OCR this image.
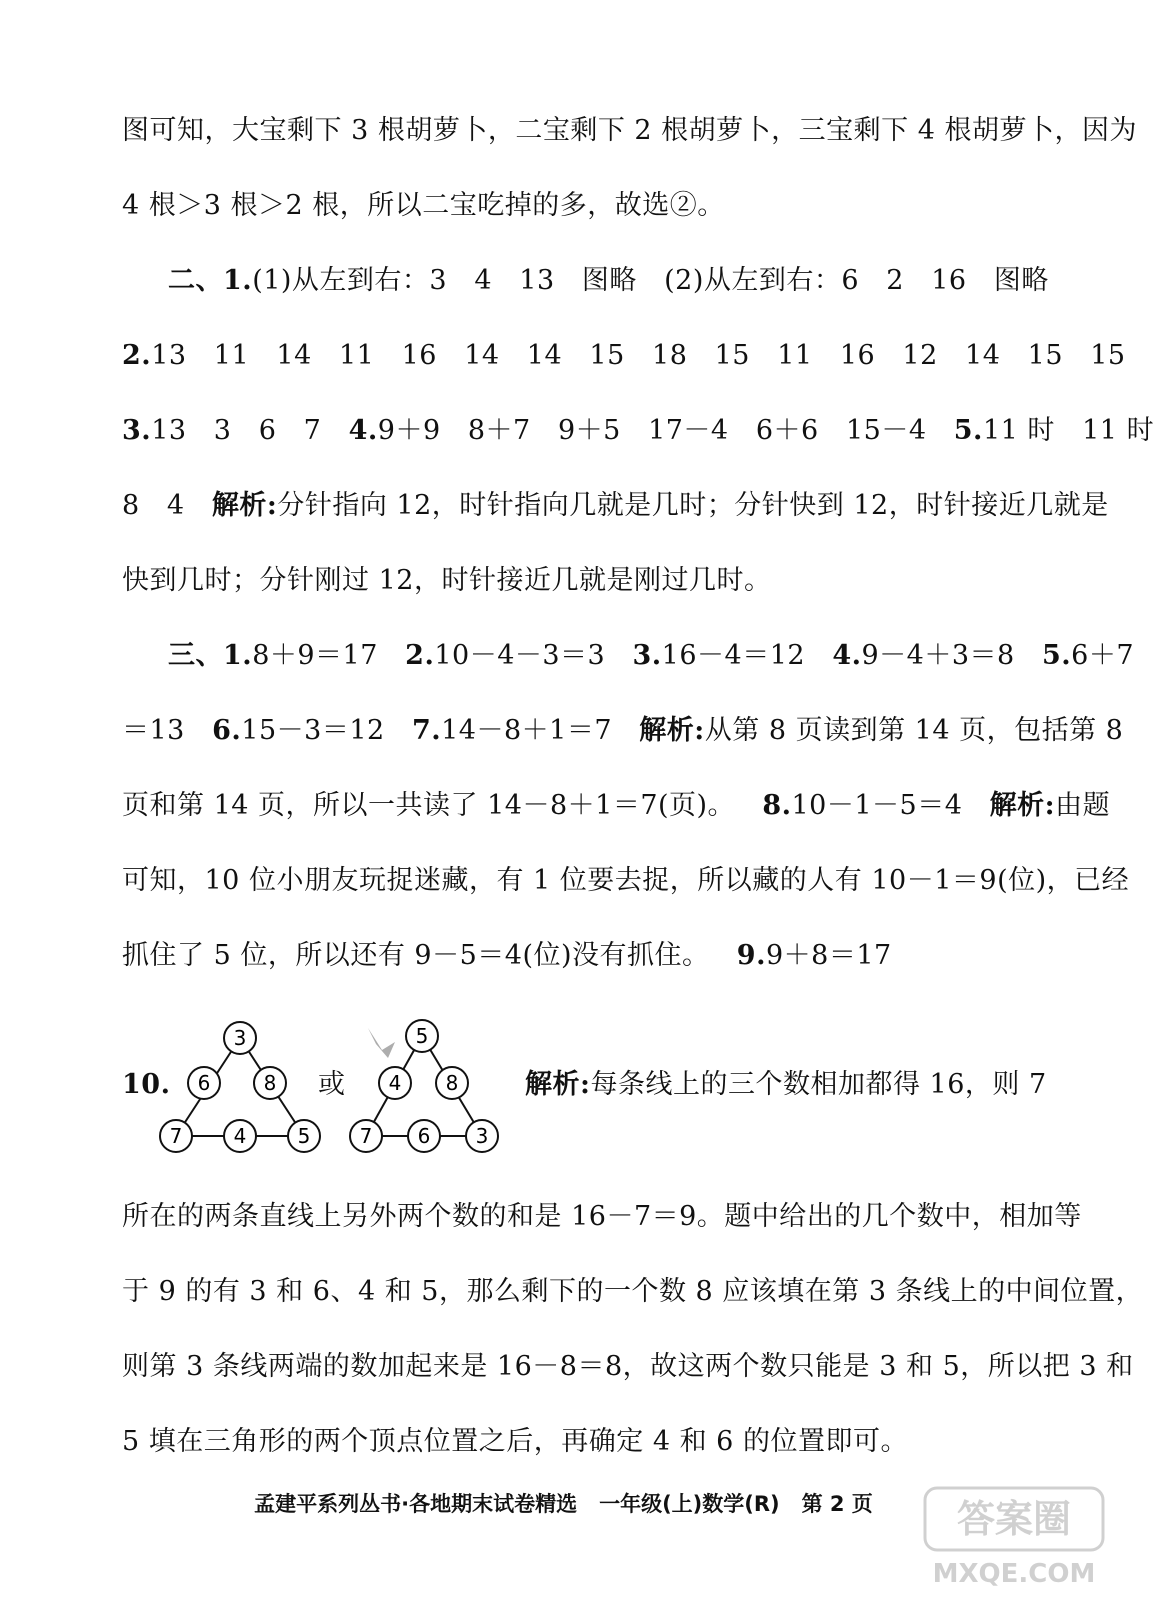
图可知，大宝剩下 3 根胡萝卜，二宝剩下 2 根胡萝卜，三宝剩下 4 根胡萝卜，因为
4 根＞3 根＞2 根，所以二宝吃掉的多，故选②。
二、1.(1)从左到右：3   4   13   图略   (2)从左到右：6   2   16   图略
2.13   11   14   11   16   14   14   15   18   15   11   16   12   14   15   15
3.13   3   6   7   4.9＋9   8＋7   9＋5   17－4   6＋6   15－4   5.11 时   11 时
8   4   解析:分针指向 12，时针指向几就是几时；分针快到 12，时针接近几就是
快到几时；分针刚过 12，时针接近几就是刚过几时。
三、1.8＋9＝17   2.10－4－3＝3   3.16－4＝12   4.9－4＋3＝8   5.6＋7
＝13   6.15－3＝12   7.14－8＋1＝7   解析:从第 8 页读到第 14 页，包括第 8
页和第 14 页，所以一共读了 14－8＋1＝7(页)。   8.10－1－5＝4   解析:由题
可知，10 位小朋友玩捉迷藏，有 1 位要去捉，所以藏的人有 10－1＝9(位)，已经
抓住了 5 位，所以还有 9－5＝4(位)没有抓住。   9.9＋8＝17
10.
3
6	8
7	4	5
或
5
4 8
7 6 3
解析:每条线上的三个数相加都得 16，则 7
所在的两条直线上另外两个数的和是 16－7＝9。题中给出的几个数中，相加等
于 9 的有 3 和 6、4 和 5，那么剩下的一个数 8 应该填在第 3 条线上的中间位置，
则第 3 条线两端的数加起来是 16－8＝8，故这两个数只能是 3 和 5，所以把 3 和
5 填在三角形的两个顶点位置之后，再确定 4 和 6 的位置即可。
孟建平系列丛书·各地期末试卷精选   一年级(上)数学(R)   第 2 页	答案圈
MXQE.COM
